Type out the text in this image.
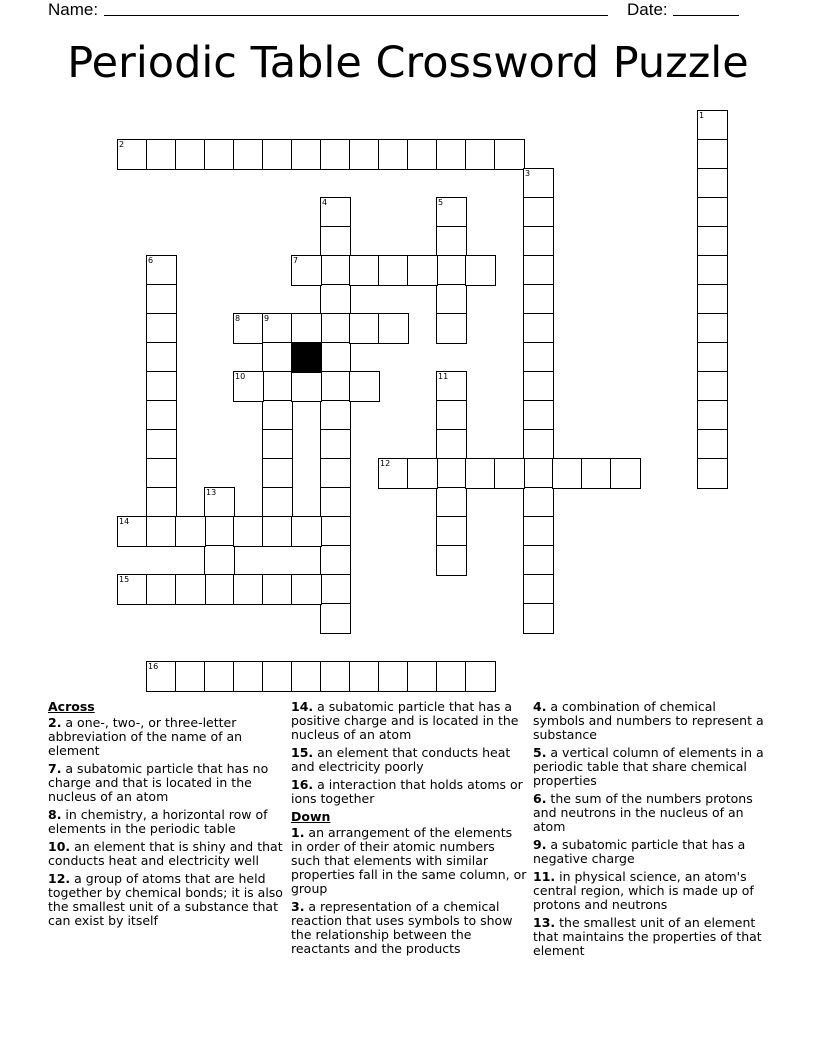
Name:	Date:
Periodic Table Crossword Puzzle
1
2
3
4	5
6	7
8	9
10	11
12
13
14
15
16
Across
2. a one-, two-, or three-letter abbreviation of the name of an element
7. a subatomic particle that has no charge and that is located in the nucleus of an atom
8. in chemistry, a horizontal row of elements in the periodic table
10. an element that is shiny and that conducts heat and electricity well
12. a group of atoms that are held together by chemical bonds; it is also the smallest unit of a substance that can exist by itself
14. a subatomic particle that has a positive charge and is located in the nucleus of an atom
15. an element that conducts heat and electricity poorly
16. a interaction that holds atoms or ions together
Down
1. an arrangement of the elements in order of their atomic numbers such that elements with similar properties fall in the same column, or group
3. a representation of a chemical reaction that uses symbols to show the relationship between the reactants and the products
4. a combination of chemical symbols and numbers to represent a substance
5. a vertical column of elements in a periodic table that share chemical properties
6. the sum of the numbers protons and neutrons in the nucleus of an atom
9. a subatomic particle that has a negative charge
11. in physical science, an atom's central region, which is made up of protons and neutrons
13. the smallest unit of an element that maintains the properties of that element
